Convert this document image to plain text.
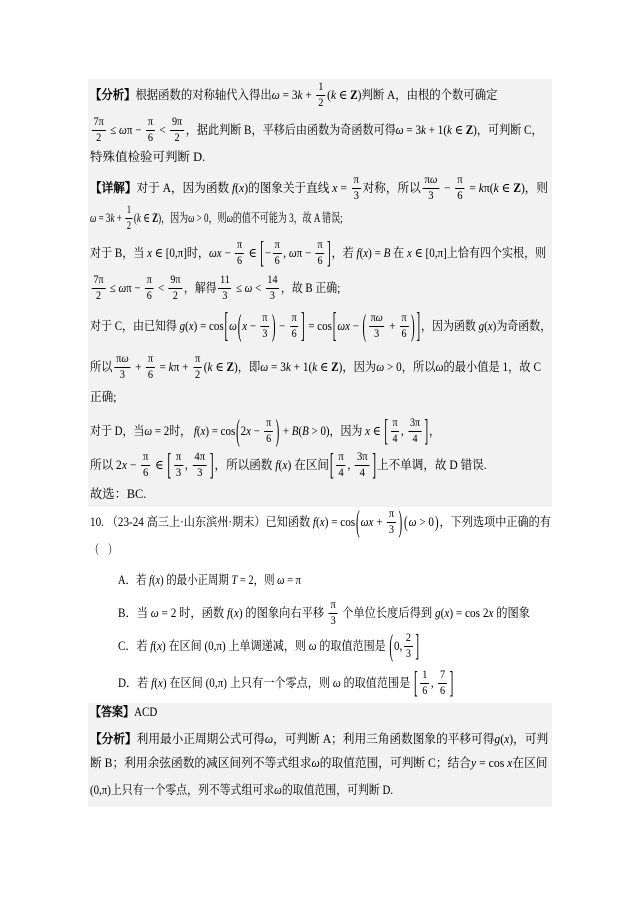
【分析】 根据函数的对称轴代入得出 ω = 3 $k + \frac{1}{2}$ ( k ∈ Z ) 判断 A，由根的个数可确定
$\frac{7\pi}{2} \le \omega$ $\pi - \frac{\pi}{6} < \frac{9\pi}{2}$ ，据此判断 B，平移后由函数为奇函数可得 ω = 3 k + 1( k ∈ Z )，可判断 C，
特殊值检验可判断 D.
【详解】 对于 A，因为函数 f ( x ) 的图象关于直线 $x = \frac{\pi}{3}$ 对称，所以 $\frac{\text{π ω}}{3} - \frac{\pi}{6} = k$ π( k ∈ Z )，则
ω = 3 $k + \frac{1}{2}$ ( k ∈ Z )，因为 ω > 0，则 ω 的值不可能为 3，故 A 错误;
对于 B，当 x ∈ [0,π]时， $\omega x - \frac{\pi}{6}$ ∈ [ − $\frac{\pi}{6}$ , ω $\pi - \frac{\pi}{6}$ ] ，若 f ( x ) = B 在 x ∈ [0,π]上恰有四个实根，则
$\frac{7\pi}{2} \le \omega$ $\pi - \frac{\pi}{6} < \frac{9\pi}{2}$ ，解得 $\frac{11}{3} \le \omega < \frac{14}{3}$ ，故 B 正确;
对于 C，由已知得 g ( x ) = cos [ ω ( $x - \frac{\pi}{3}$ ) − $\frac{\pi}{6}$ ] = cos [ ωx − ( $\frac{\text{π ω}}{3} + \frac{\pi}{6}$ ) ] ，因为函数 g ( x ) 为奇函数，
所以 $\frac{\text{π ω}}{3} + \frac{\pi}{6} = k$ $\pi + \frac{\pi}{2}$ ( k ∈ Z )，即 ω = 3 k + 1( k ∈ Z )，因为 ω > 0，所以 ω 的最小值是 1，故 C
正确;
对于 D，当 ω = 2时， f ( x ) = cos ( 2 $x - \frac{\pi}{6}$ ) + B ( B > 0)，因为 x ∈ [ $\frac{\pi}{4}$ , $\frac{3\pi}{4}$ ] ，
所以 2 $x - \frac{\pi}{6}$ ∈ [ $\frac{\pi}{3}$ , $\frac{4\pi}{3}$ ] ，所以函数 f ( x ) 在区间 [ $\frac{\pi}{4}$ , $\frac{3\pi}{4}$ ] 上不单调，故 D 错误.
故选：BC.
10. （23-24 高三上·山东滨州·期末）已知函数 f ( x ) = cos ( $\omega x + \frac{\pi}{3}$ ) ( ω > 0 ) ，下列选项中正确的有
（    ）
A．若 f ( x ) 的最小正周期 T = 2，则 ω = π
B．当 ω = 2 时，函数 f ( x ) 的图象向右平移 $\frac{\pi}{3}$ 个单位长度后得到 g ( x ) = cos 2 x 的图象
C．若 f ( x ) 在区间 (0,π) 上单调递减，则 ω 的取值范围是 ( 0, $\frac{2}{3}$ ]
D．若 f ( x ) 在区间 (0,π) 上只有一个零点，则 ω 的取值范围是 [ $\frac{1}{6}$ , $\frac{7}{6}$ ]
【答案】 ACD
【分析】 利用最小正周期公式可得 ω ，可判断 A；利用三角函数图象的平移可得 g ( x )，可判
断 B；利用余弦函数的减区间列不等式组求 ω 的取值范围，可判断 C；结合 y = cos x 在区间
(0,π) 上只有一个零点，列不等式组可求 ω 的取值范围，可判断 D.
